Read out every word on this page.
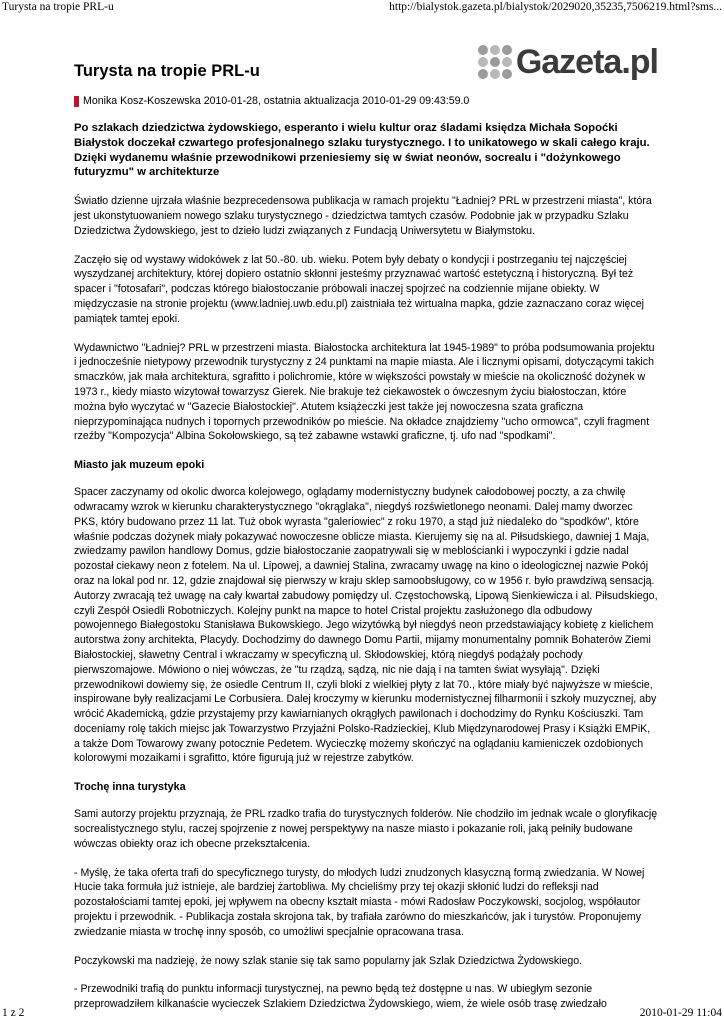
Turysta na tropie PRL-u	http://bialystok.gazeta.pl/bialystok/2029020,35235,7506219.html?sms...
Turysta na tropie PRL-u	Gazeta.pl
Monika Kosz-Koszewska 2010-01-28, ostatnia aktualizacja 2010-01-29 09:43:59.0

Po szlakach dziedzictwa żydowskiego, esperanto i wielu kultur oraz śladami księdza Michała Sopoćki Białystok doczekał czwartego profesjonalnego szlaku turystycznego. I to unikatowego w skali całego kraju. Dzięki wydanemu właśnie przewodnikowi przeniesiemy się w świat neonów, socrealu i "dożynkowego futuryzmu" w architekturze

Światło dzienne ujrzała właśnie bezprecedensowa publikacja w ramach projektu "Ładniej? PRL w przestrzeni miasta", która jest ukonstytuowaniem nowego szlaku turystycznego - dziedzictwa tamtych czasów. Podobnie jak w przypadku Szlaku Dziedzictwa Żydowskiego, jest to dzieło ludzi związanych z Fundacją Uniwersytetu w Białymstoku.

Zaczęło się od wystawy widokówek z lat 50.-80. ub. wieku. Potem były debaty o kondycji i postrzeganiu tej najczęściej wyszydzanej architektury, której dopiero ostatnio skłonni jesteśmy przyznawać wartość estetyczną i historyczną. Był też spacer i "fotosafari", podczas którego białostoczanie próbowali inaczej spojrzeć na codziennie mijane obiekty. W międzyczasie na stronie projektu (www.ladniej.uwb.edu.pl) zaistniała też wirtualna mapka, gdzie zaznaczano coraz więcej pamiątek tamtej epoki.

Wydawnictwo "Ładniej? PRL w przestrzeni miasta. Białostocka architektura lat 1945-1989" to próba podsumowania projektu i jednocześnie nietypowy przewodnik turystyczny z 24 punktami na mapie miasta. Ale i licznymi opisami, dotyczącymi takich smaczków, jak mała architektura, sgrafitto i polichromie, które w większości powstały w mieście na okoliczność dożynek w 1973 r., kiedy miasto wizytował towarzysz Gierek. Nie brakuje też ciekawostek o ówczesnym życiu białostoczan, które można było wyczytać w "Gazecie Białostockiej". Atutem książeczki jest także jej nowoczesna szata graficzna nieprzypominająca nudnych i topornych przewodników po mieście. Na okładce znajdziemy "ucho ormowca", czyli fragment rzeźby "Kompozycja" Albina Sokołowskiego, są też zabawne wstawki graficzne, tj. ufo nad "spodkami".

Miasto jak muzeum epoki

Spacer zaczynamy od okolic dworca kolejowego, oglądamy modernistyczny budynek całodobowej poczty, a za chwilę odwracamy wzrok w kierunku charakterystycznego "okrąglaka", niegdyś rozświetlonego neonami. Dalej mamy dworzec PKS, który budowano przez 11 lat. Tuż obok wyrasta "galeriowiec" z roku 1970, a stąd już niedaleko do "spodków", które właśnie podczas dożynek miały pokazywać nowoczesne oblicze miasta. Kierujemy się na al. Piłsudskiego, dawniej 1 Maja, zwiedzamy pawilon handlowy Domus, gdzie białostoczanie zaopatrywali się w meblościanki i wypoczynki i gdzie nadal pozostał ciekawy neon z fotelem. Na ul. Lipowej, a dawniej Stalina, zwracamy uwagę na kino o ideologicznej nazwie Pokój oraz na lokal pod nr. 12, gdzie znajdował się pierwszy w kraju sklep samoobsługowy, co w 1956 r. było prawdziwą sensacją. Autorzy zwracają też uwagę na cały kwartał zabudowy pomiędzy ul. Częstochowską, Lipową Sienkiewicza i al. Piłsudskiego, czyli Zespół Osiedli Robotniczych. Kolejny punkt na mapce to hotel Cristal projektu zasłużonego dla odbudowy powojennego Białegostoku Stanisława Bukowskiego. Jego wizytówką był niegdyś neon przedstawiający kobietę z kielichem autorstwa żony architekta, Placydy. Dochodzimy do dawnego Domu Partii, mijamy monumentalny pomnik Bohaterów Ziemi Białostockiej, sławetny Central i wkraczamy w specyficzną ul. Skłodowskiej, którą niegdyś podążały pochody pierwszomajowe. Mówiono o niej wówczas, że "tu rządzą, sądzą, nic nie dają i na tamten świat wysyłają". Dzięki przewodnikowi dowiemy się, że osiedle Centrum II, czyli bloki z wielkiej płyty z lat 70., które miały być najwyższe w mieście, inspirowane były realizacjami Le Corbusiera. Dalej kroczymy w kierunku modernistycznej filharmonii i szkoły muzycznej, aby wrócić Akademicką, gdzie przystajemy przy kawiarnianych okrągłych pawilonach i dochodzimy do Rynku Kościuszki. Tam doceniamy rolę takich miejsc jak Towarzystwo Przyjaźni Polsko-Radzieckiej, Klub Międzynarodowej Prasy i Książki EMPiK, a także Dom Towarowy zwany potocznie Pedetem. Wycieczkę możemy skończyć na oglądaniu kamieniczek ozdobionych kolorowymi mozaikami i sgrafitto, które figurują już w rejestrze zabytków.

Trochę inna turystyka

Sami autorzy projektu przyznają, że PRL rzadko trafia do turystycznych folderów. Nie chodziło im jednak wcale o gloryfikację socrealistycznego stylu, raczej spojrzenie z nowej perspektywy na nasze miasto i pokazanie roli, jaką pełniły budowane wówczas obiekty oraz ich obecne przekształcenia.

- Myślę, że taka oferta trafi do specyficznego turysty, do młodych ludzi znudzonych klasyczną formą zwiedzania. W Nowej Hucie taka formuła już istnieje, ale bardziej żartobliwa. My chcieliśmy przy tej okazji skłonić ludzi do refleksji nad pozostałościami tamtej epoki, jej wpływem na obecny kształt miasta - mówi Radosław Poczykowski, socjolog, współautor projektu i przewodnik. - Publikacja została skrojona tak, by trafiała zarówno do mieszkańców, jak i turystów. Proponujemy zwiedzanie miasta w trochę inny sposób, co umożliwi specjalnie opracowana trasa.

Poczykowski ma nadzieję, że nowy szlak stanie się tak samo popularny jak Szlak Dziedzictwa Żydowskiego.

- Przewodniki trafią do punktu informacji turystycznej, na pewno będą też dostępne u nas. W ubiegłym sezonie przeprowadziłem kilkanaście wycieczek Szlakiem Dziedzictwa Żydowskiego, wiem, że wiele osób trasę zwiedzało

1 z 2	2010-01-29 11:04
